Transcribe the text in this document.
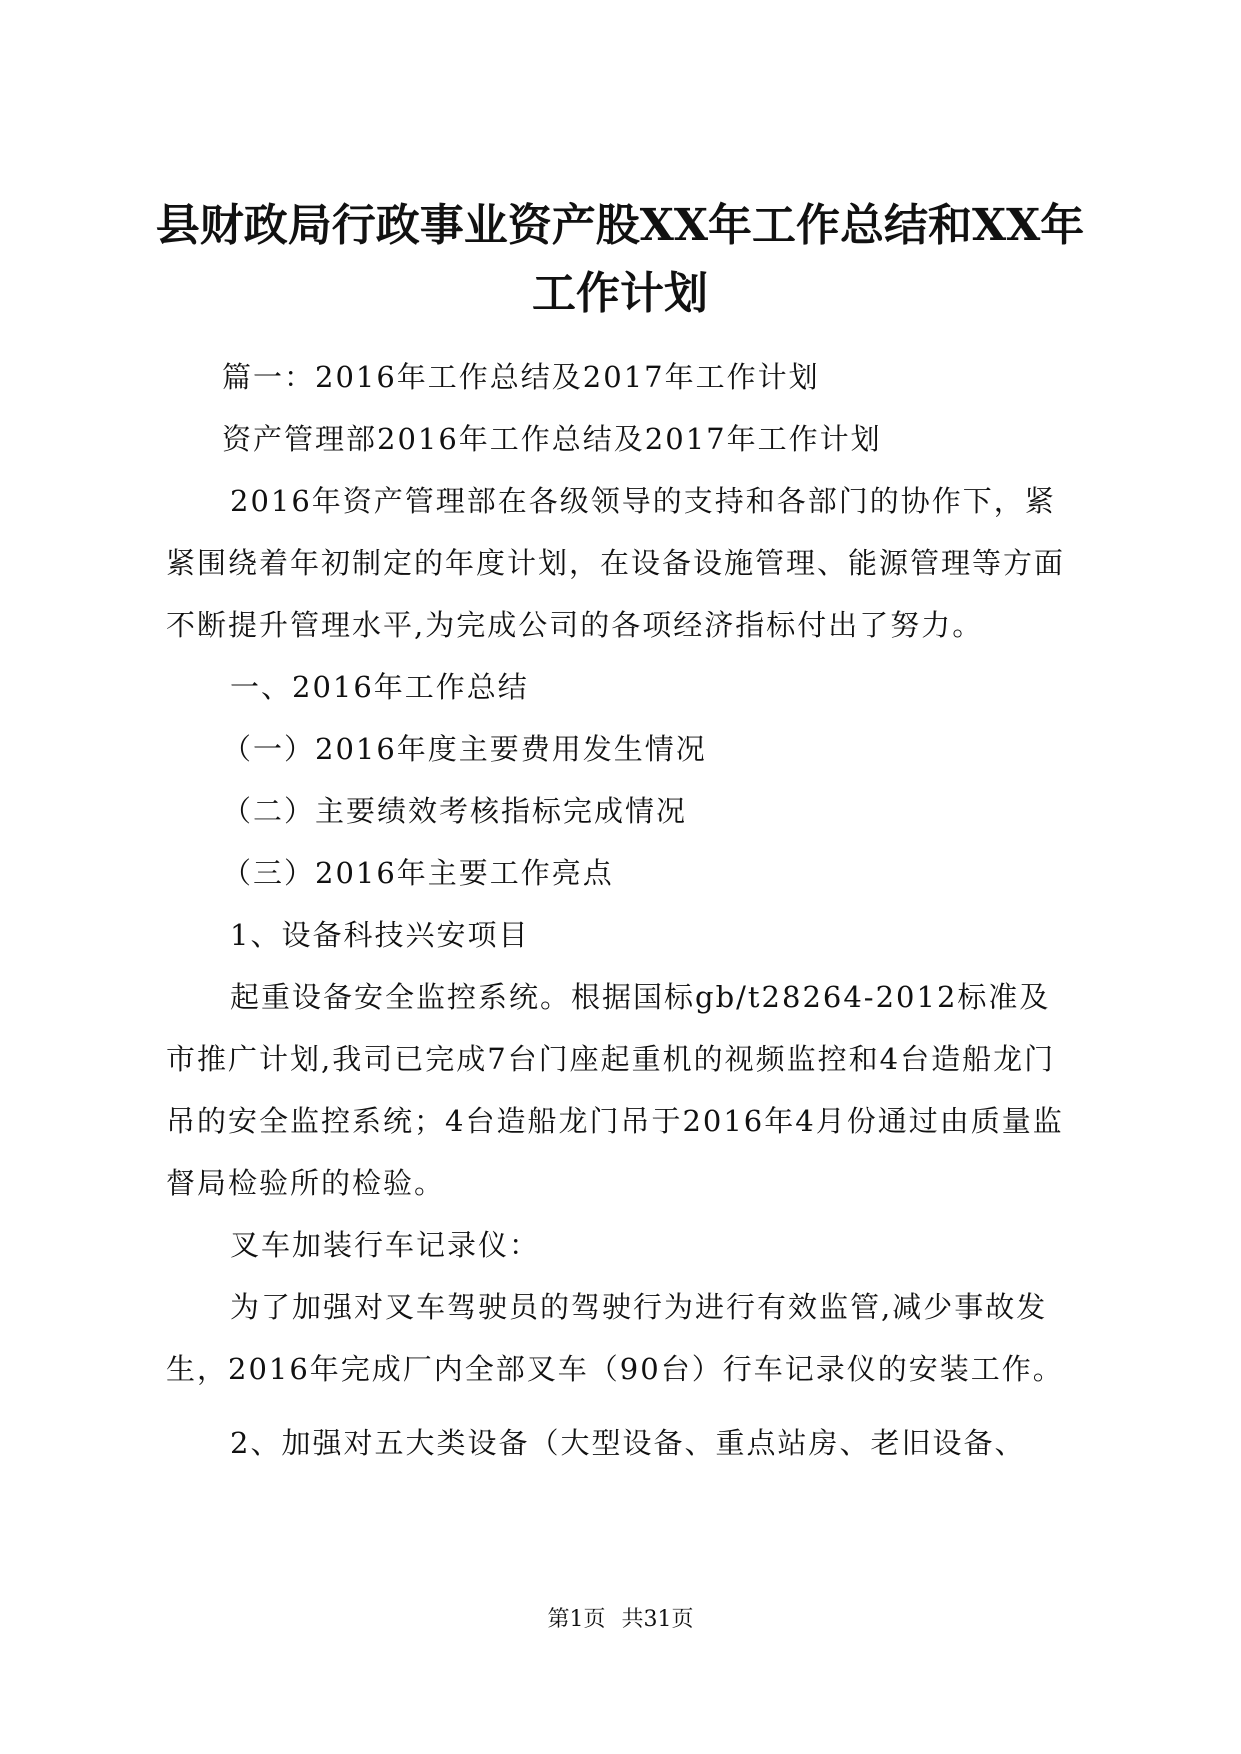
县财政局行政事业资产股XX年工作总结和XX年工作计划

篇一：2016年工作总结及2017年工作计划

资产管理部2016年工作总结及2017年工作计划

2016年资产管理部在各级领导的支持和各部门的协作下，紧紧围绕着年初制定的年度计划，在设备设施管理、能源管理等方面不断提升管理水平,为完成公司的各项经济指标付出了努力。

一、2016年工作总结

（一）2016年度主要费用发生情况

（二）主要绩效考核指标完成情况

（三）2016年主要工作亮点

1、设备科技兴安项目

起重设备安全监控系统。根据国标gb/t28264-2012标准及市推广计划,我司已完成7台门座起重机的视频监控和4台造船龙门吊的安全监控系统；4台造船龙门吊于2016年4月份通过由质量监督局检验所的检验。

叉车加装行车记录仪：

为了加强对叉车驾驶员的驾驶行为进行有效监管,减少事故发生，2016年完成厂内全部叉车（90台）行车记录仪的安装工作。

2、加强对五大类设备（大型设备、重点站房、老旧设备、

第1页 共31页
